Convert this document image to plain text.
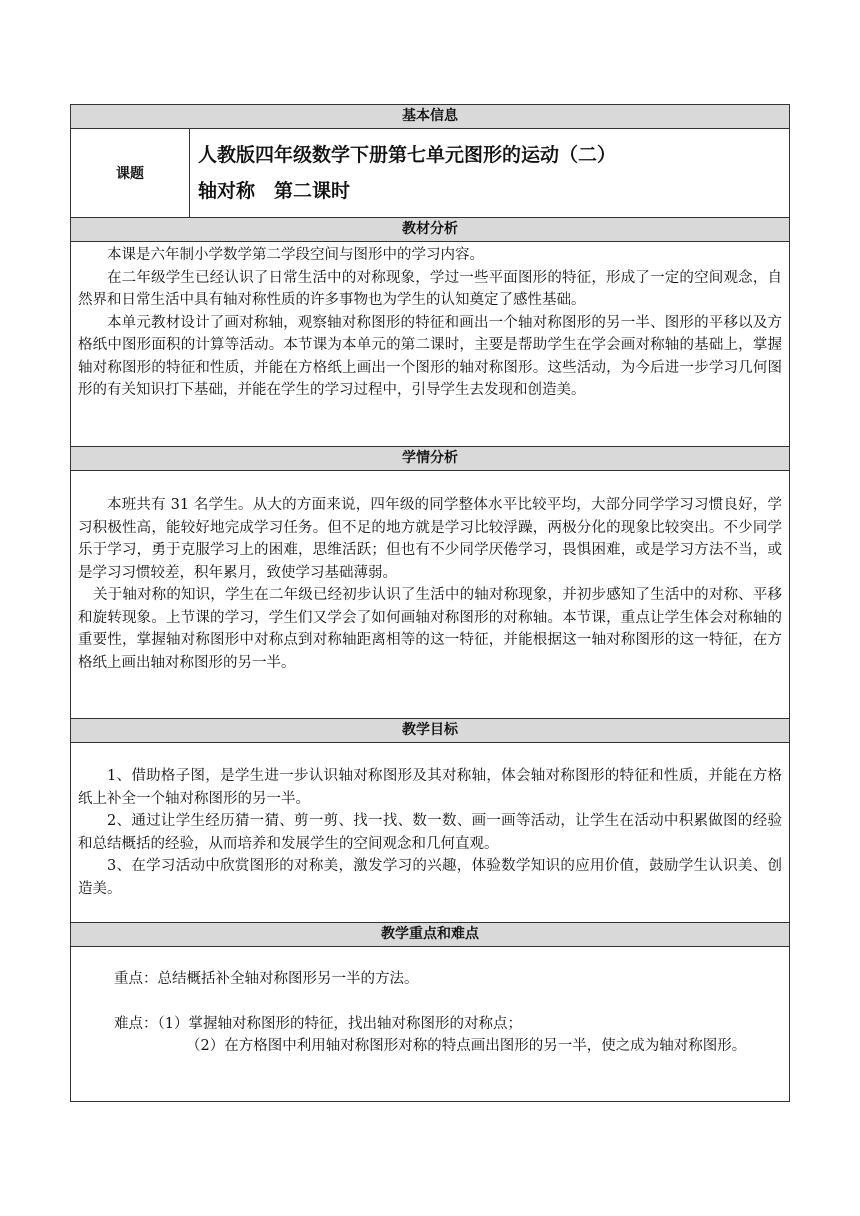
基本信息
课题	

人教版四年级数学下册第七单元图形的运动（二）

轴对称　第二课时

教材分析

本课是六年制小学数学第二学段空间与图形中的学习内容。

在二年级学生已经认识了日常生活中的对称现象，学过一些平面图形的特征，形成了一定的空间观念，自然界和日常生活中具有轴对称性质的许多事物也为学生的认知奠定了感性基础。

本单元教材设计了画对称轴，观察轴对称图形的特征和画出一个轴对称图形的另一半、图形的平移以及方格纸中图形面积的计算等活动。本节课为本单元的第二课时，主要是帮助学生在学会画对称轴的基础上，掌握轴对称图形的特征和性质，并能在方格纸上画出一个图形的轴对称图形。这些活动，为今后进一步学习几何图形的有关知识打下基础，并能在学生的学习过程中，引导学生去发现和创造美。

学情分析

本班共有 31 名学生。从大的方面来说，四年级的同学整体水平比较平均，大部分同学学习习惯良好，学习积极性高，能较好地完成学习任务。但不足的地方就是学习比较浮躁，两极分化的现象比较突出。不少同学乐于学习，勇于克服学习上的困难，思维活跃；但也有不少同学厌倦学习，畏惧困难，或是学习方法不当，或是学习习惯较差，积年累月，致使学习基础薄弱。

关于轴对称的知识，学生在二年级已经初步认识了生活中的轴对称现象，并初步感知了生活中的对称、平移和旋转现象。上节课的学习，学生们又学会了如何画轴对称图形的对称轴。本节课，重点让学生体会对称轴的重要性，掌握轴对称图形中对称点到对称轴距离相等的这一特征，并能根据这一轴对称图形的这一特征，在方格纸上画出轴对称图形的另一半。

教学目标

1、借助格子图，是学生进一步认识轴对称图形及其对称轴，体会轴对称图形的特征和性质，并能在方格纸上补全一个轴对称图形的另一半。

2、通过让学生经历猜一猜、剪一剪、找一找、数一数、画一画等活动，让学生在活动中积累做图的经验和总结概括的经验，从而培养和发展学生的空间观念和几何直观。

3、在学习活动中欣赏图形的对称美，激发学习的兴趣，体验数学知识的应用价值，鼓励学生认识美、创造美。

教学重点和难点

重点：总结概括补全轴对称图形另一半的方法。

难点：（1）掌握轴对称图形的特征，找出轴对称图形的对称点；

（2）在方格图中利用轴对称图形对称的特点画出图形的另一半，使之成为轴对称图形。
